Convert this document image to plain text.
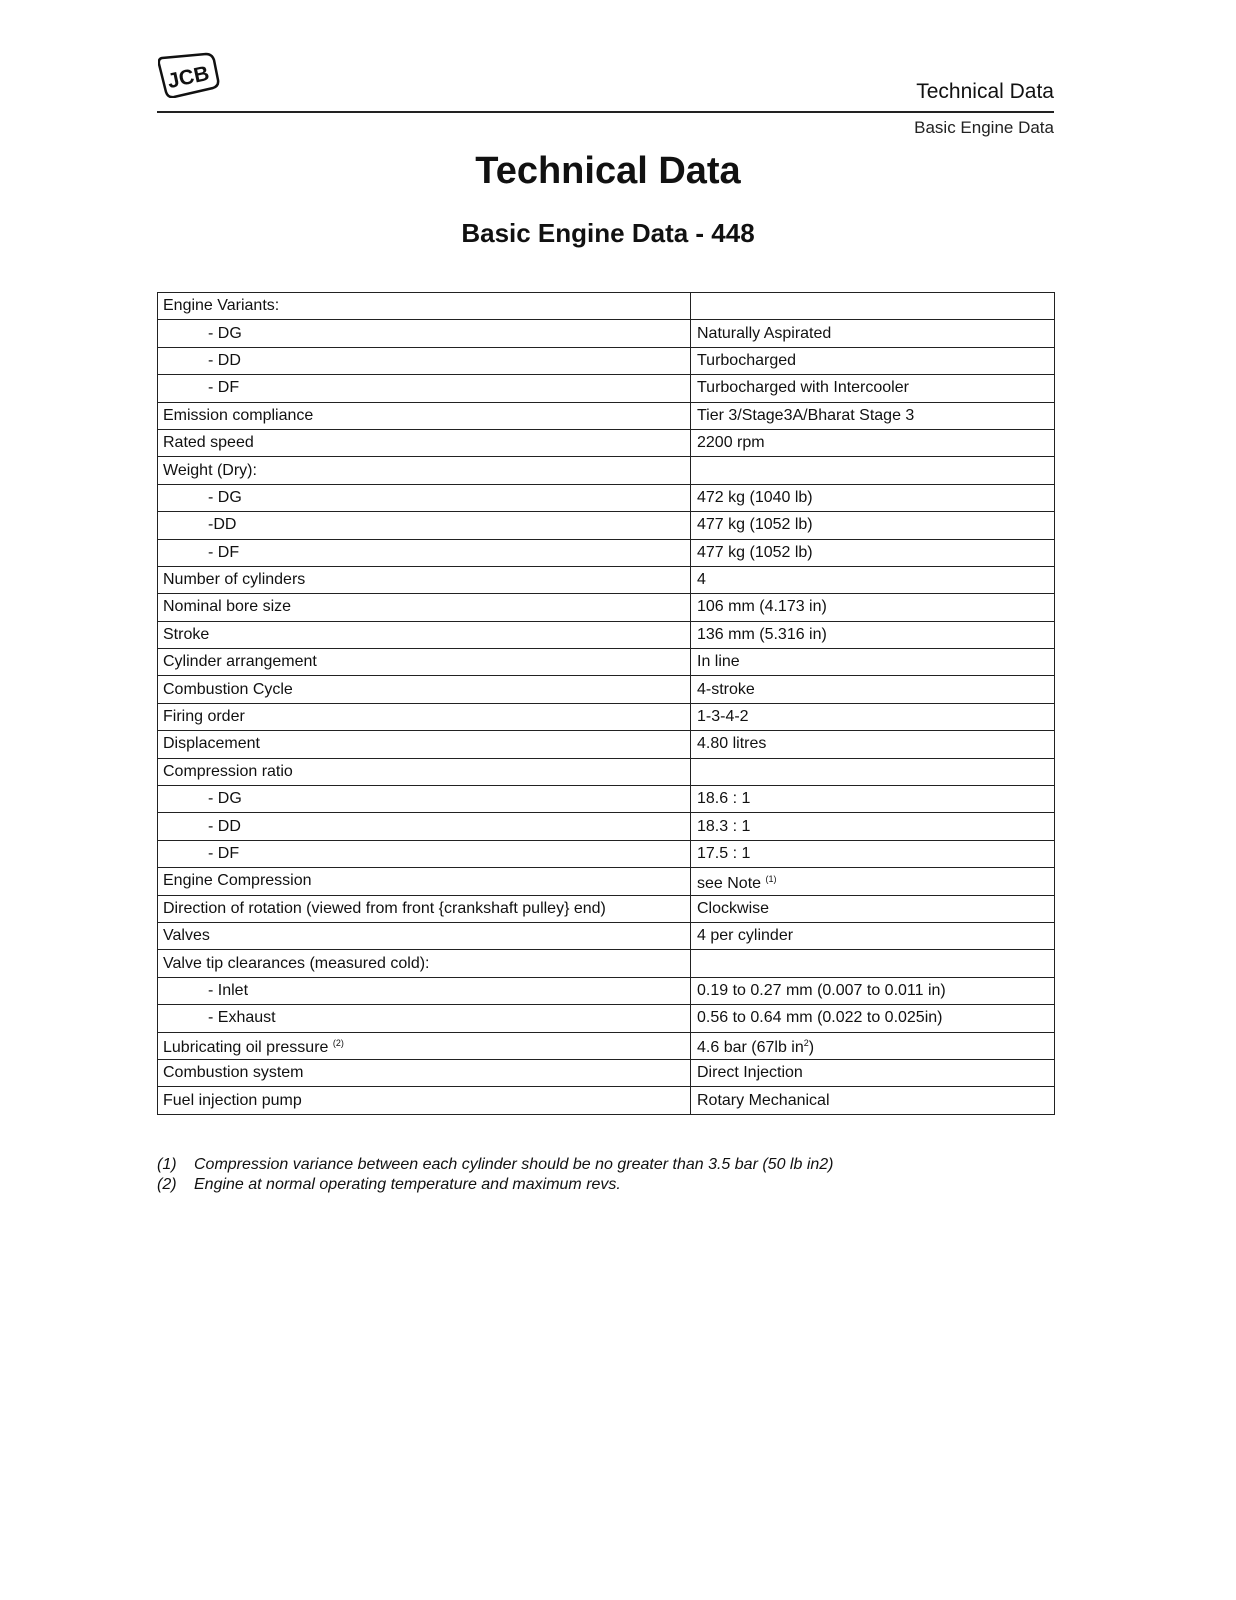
JCB	Technical Data
Basic Engine Data
Technical Data
Basic Engine Data - 448
Engine Variants:	
- DG	Naturally Aspirated
- DD	Turbocharged
- DF	Turbocharged with Intercooler
Emission compliance	Tier 3/Stage3A/Bharat Stage 3
Rated speed	2200 rpm
Weight (Dry):	
- DG	472 kg (1040 lb)
-DD	477 kg (1052 lb)
- DF	477 kg (1052 lb)
Number of cylinders	4
Nominal bore size	106 mm (4.173 in)
Stroke	136 mm (5.316 in)
Cylinder arrangement	In line
Combustion Cycle	4-stroke
Firing order	1-3-4-2
Displacement	4.80 litres
Compression ratio	
- DG	18.6 : 1
- DD	18.3 : 1
- DF	17.5 : 1
Engine Compression	see Note $^{(1)}$
Direction of rotation (viewed from front {crankshaft pulley} end)	Clockwise
Valves	4 per cylinder
Valve tip clearances (measured cold):	
- Inlet	0.19 to 0.27 mm (0.007 to 0.011 in)
- Exhaust	0.56 to 0.64 mm (0.022 to 0.025in)
Lubricating oil pressure $^{(2)}$	4.6 bar (67lb $in^2$)
Combustion system	Direct Injection
Fuel injection pump	Rotary Mechanical
(1)	Compression variance between each cylinder should be no greater than 3.5 bar (50 lb in2)
(2)	Engine at normal operating temperature and maximum revs.
